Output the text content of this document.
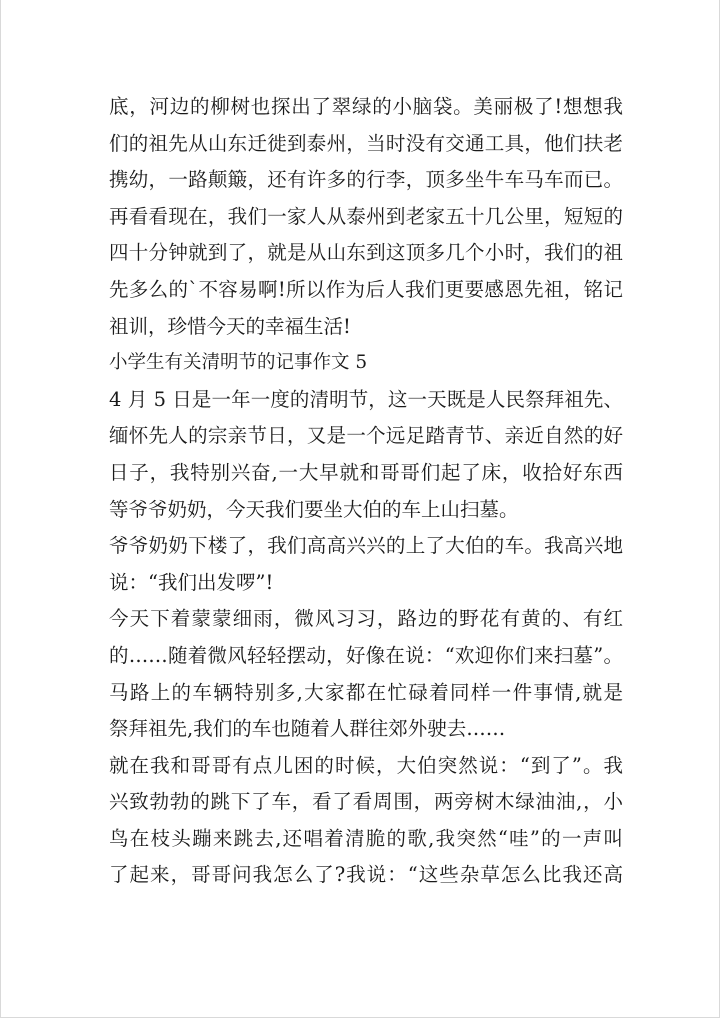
底，河边的柳树也探出了翠绿的小脑袋。美丽极了!想想我
们的祖先从山东迁徙到泰州，当时没有交通工具，他们扶老
携幼，一路颠簸，还有许多的行李，顶多坐牛车马车而已。
再看看现在，我们一家人从泰州到老家五十几公里，短短的
四十分钟就到了，就是从山东到这顶多几个小时，我们的祖
先多么的`不容易啊!所以作为后人我们更要感恩先祖，铭记
祖训，珍惜今天的幸福生活!
小学生有关清明节的记事作文 5
4 月 5 日是一年一度的清明节，这一天既是人民祭拜祖先、
缅怀先人的宗亲节日，又是一个远足踏青节、亲近自然的好
日子，我特别兴奋,一大早就和哥哥们起了床，收拾好东西
等爷爷奶奶，今天我们要坐大伯的车上山扫墓。
爷爷奶奶下楼了，我们高高兴兴的上了大伯的车。我高兴地
说：“我们出发啰”!
今天下着蒙蒙细雨，微风习习，路边的野花有黄的、有红
的……随着微风轻轻摆动，好像在说：“欢迎你们来扫墓”。
马路上的车辆特别多,大家都在忙碌着同样一件事情,就是
祭拜祖先,我们的车也随着人群往郊外驶去……
就在我和哥哥有点儿困的时候，大伯突然说：“到了”。我
兴致勃勃的跳下了车，看了看周围，两旁树木绿油油,，小
鸟在枝头蹦来跳去,还唱着清脆的歌,我突然“哇”的一声叫
了起来，哥哥问我怎么了?我说：“这些杂草怎么比我还高
